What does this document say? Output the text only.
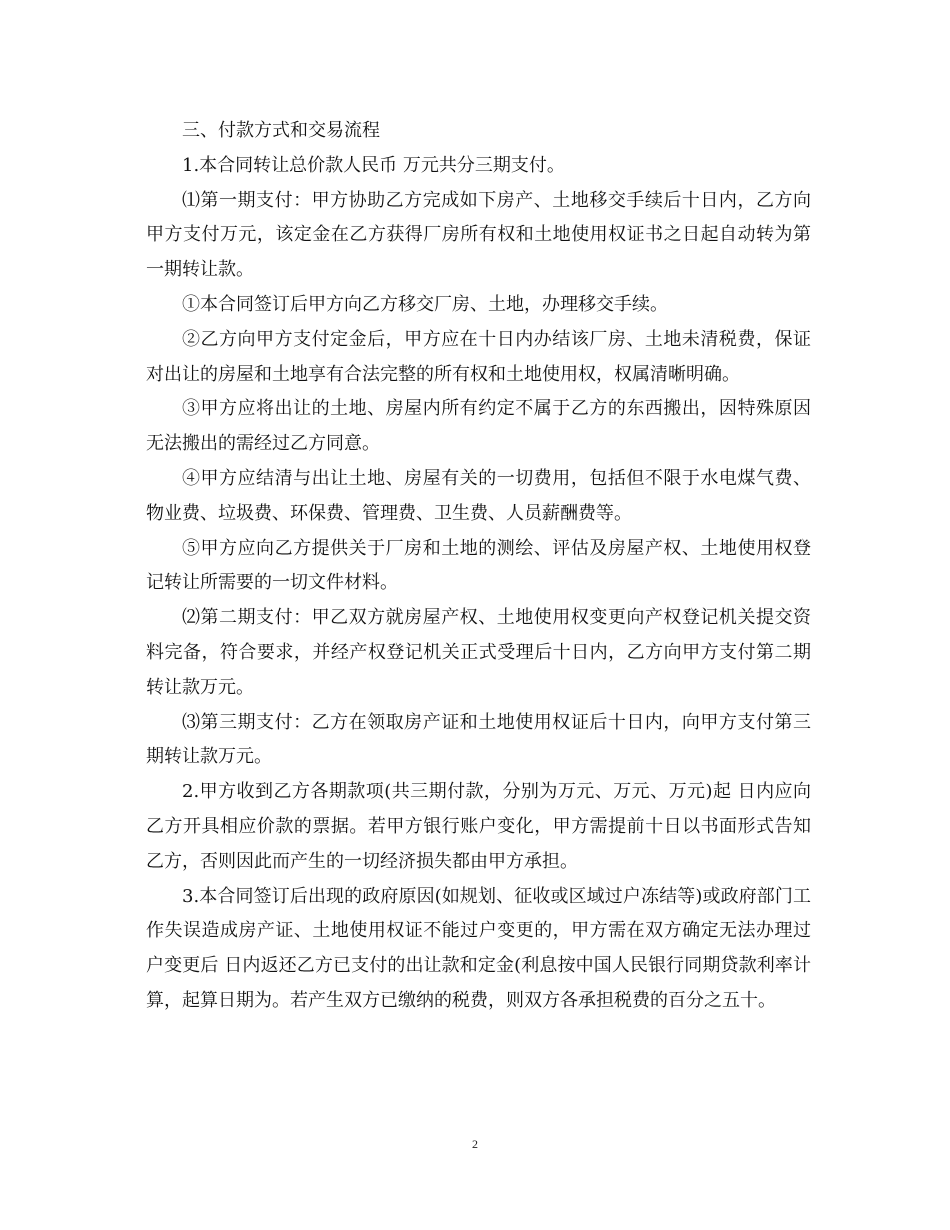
三、付款方式和交易流程

1.本合同转让总价款人民币 万元共分三期支付。

⑴第一期支付：甲方协助乙方完成如下房产、土地移交手续后十日内，乙方向甲方支付万元，该定金在乙方获得厂房所有权和土地使用权证书之日起自动转为第一期转让款。

①本合同签订后甲方向乙方移交厂房、土地，办理移交手续。

②乙方向甲方支付定金后，甲方应在十日内办结该厂房、土地未清税费，保证对出让的房屋和土地享有合法完整的所有权和土地使用权，权属清晰明确。

③甲方应将出让的土地、房屋内所有约定不属于乙方的东西搬出，因特殊原因无法搬出的需经过乙方同意。

④甲方应结清与出让土地、房屋有关的一切费用，包括但不限于水电煤气费、物业费、垃圾费、环保费、管理费、卫生费、人员薪酬费等。

⑤甲方应向乙方提供关于厂房和土地的测绘、评估及房屋产权、土地使用权登记转让所需要的一切文件材料。

⑵第二期支付：甲乙双方就房屋产权、土地使用权变更向产权登记机关提交资料完备，符合要求，并经产权登记机关正式受理后十日内，乙方向甲方支付第二期转让款万元。

⑶第三期支付：乙方在领取房产证和土地使用权证后十日内，向甲方支付第三期转让款万元。

2.甲方收到乙方各期款项(共三期付款，分别为万元、万元、万元)起 日内应向乙方开具相应价款的票据。若甲方银行账户变化，甲方需提前十日以书面形式告知乙方，否则因此而产生的一切经济损失都由甲方承担。

3.本合同签订后出现的政府原因(如规划、征收或区域过户冻结等)或政府部门工作失误造成房产证、土地使用权证不能过户变更的，甲方需在双方确定无法办理过户变更后 日内返还乙方已支付的出让款和定金(利息按中国人民银行同期贷款利率计算，起算日期为。若产生双方已缴纳的税费，则双方各承担税费的百分之五十。

2
